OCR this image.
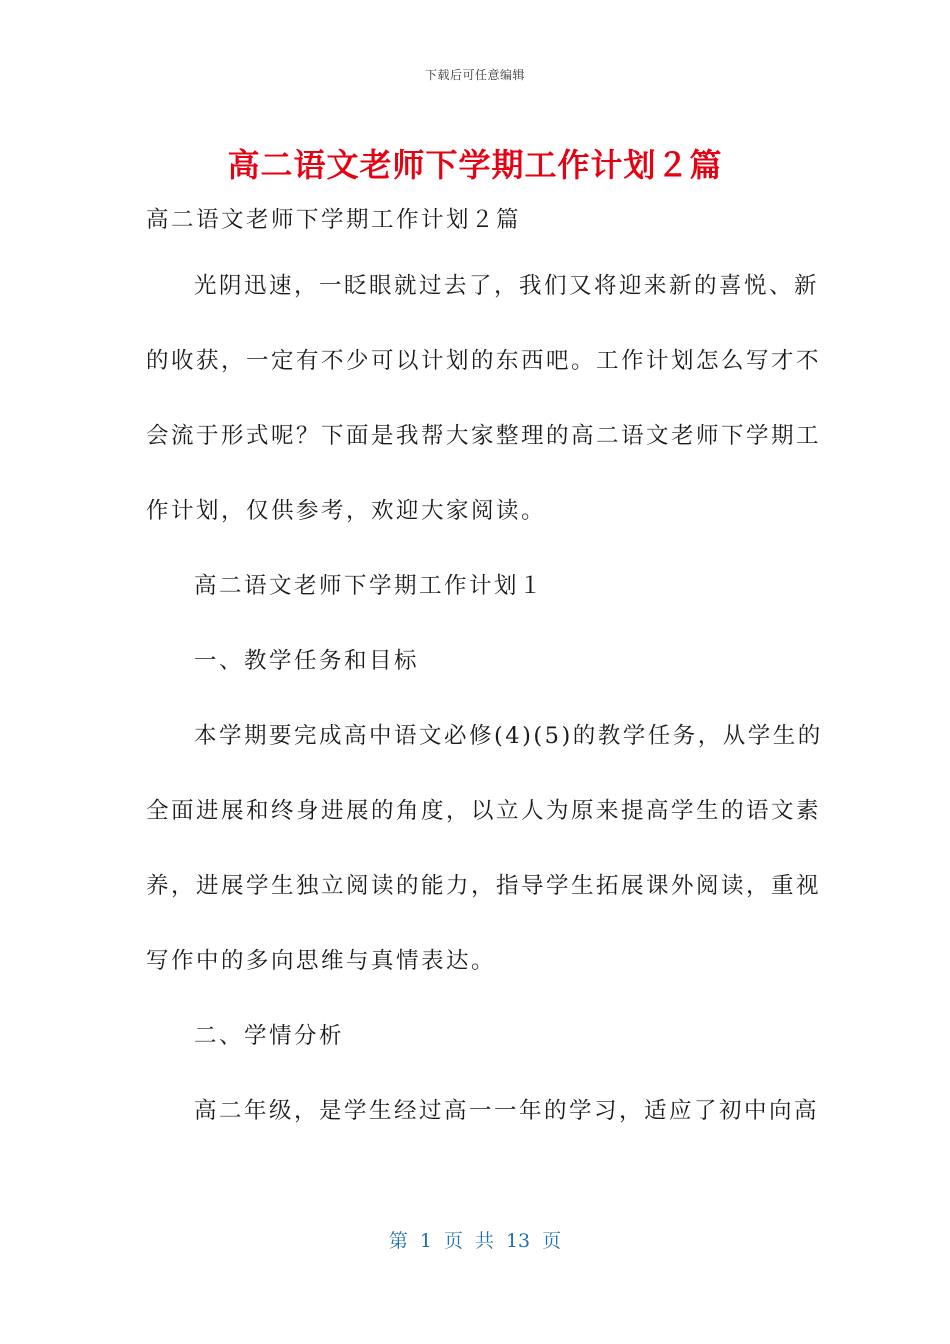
下载后可任意编辑
高二语文老师下学期工作计划２篇
高二语文老师下学期工作计划２篇
光阴迅速，一眨眼就过去了，我们又将迎来新的喜悦、新
的收获，一定有不少可以计划的东西吧。工作计划怎么写才不
会流于形式呢？下面是我帮大家整理的高二语文老师下学期工
作计划，仅供参考，欢迎大家阅读。
高二语文老师下学期工作计划１
一、教学任务和目标
本学期要完成高中语文必修(4)(5)的教学任务，从学生的
全面进展和终身进展的角度，以立人为原来提高学生的语文素
养，进展学生独立阅读的能力，指导学生拓展课外阅读，重视
写作中的多向思维与真情表达。
二、学情分析
高二年级，是学生经过高一一年的学习，适应了初中向高
第 1 页 共 13 页
